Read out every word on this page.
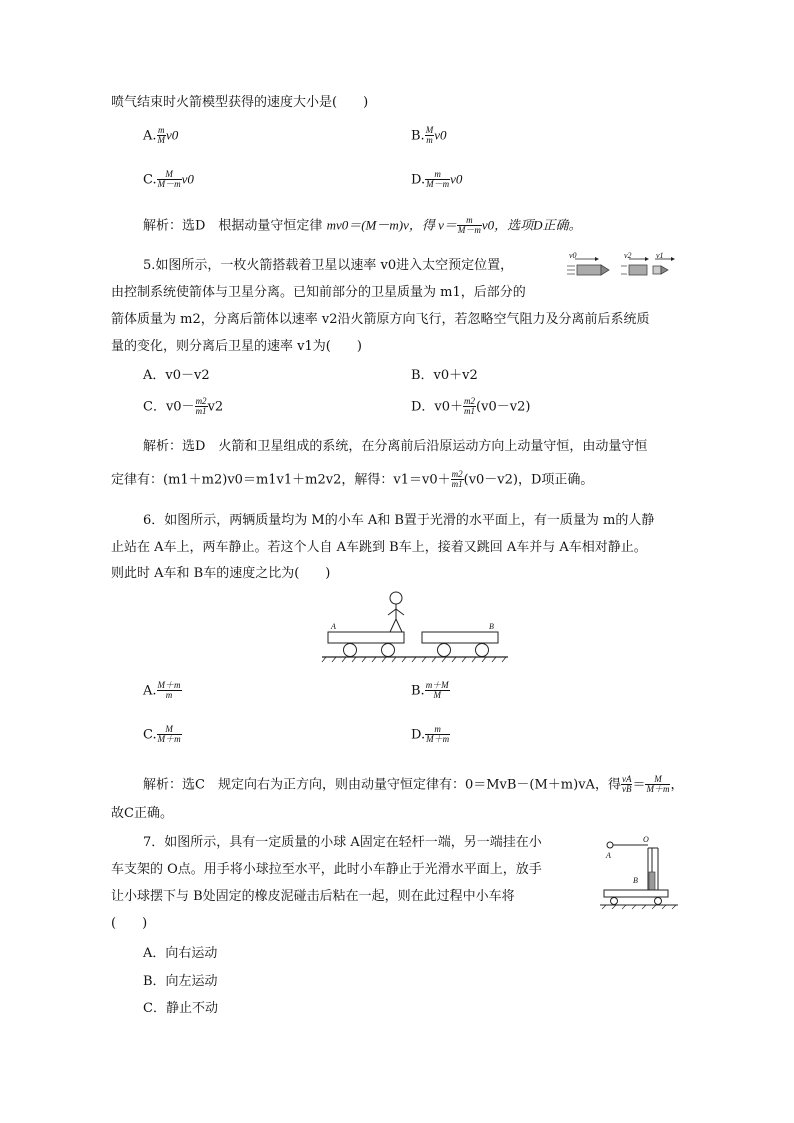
喷气结束时火箭模型获得的速度大小是(　　)
A. $\frac{m}{M} v0$	B. $\frac{M}{m} v0$
C. $\frac{M}{M-m} v0$	D. $\frac{m}{M-m} v0$
解析：选D　根据动量守恒定律 mv0＝(M－m)v，得 $v= \frac{m}{M-m} v0$，选项D正确。
5.如图所示，一枚火箭搭载着卫星以速率 v0进入太空预定位置，
v0	v2	v1
由控制系统使箭体与卫星分离。已知前部分的卫星质量为 m1，后部分的
箭体质量为 m2，分离后箭体以速率 v2沿火箭原方向飞行，若忽略空气阻力及分离前后系统质
量的变化，则分离后卫星的速率 v1为(　　)
A．v0－v2	B．v0＋v2
C．$v0- \frac{m2}{m1} v2$	D．$v0+ \frac{m2}{m1} (v0-v2)$
解析：选D　火箭和卫星组成的系统，在分离前后沿原运动方向上动量守恒，由动量守恒
定律有：(m1＋m2)v0＝m1v1＋m2v2，解得：$v1=v0+ \frac{m2}{m1} (v0-v2)$，D项正确。
6．如图所示，两辆质量均为 M的小车 A和 B置于光滑的水平面上，有一质量为 m的人静
止站在 A车上，两车静止。若这个人自 A车跳到 B车上，接着又跳回 A车并与 A车相对静止。
则此时 A车和 B车的速度之比为(　　)
A	B
A. $\frac{M+m}{m}$	B. $\frac{m+M}{M}$
C. $\frac{M}{M+m}$	D. $\frac{m}{M+m}$
解析：选C　规定向右为正方向，则由动量守恒定律有：0＝MvB－(M＋m)vA，得 $\frac{vA}{vB} = \frac{M}{M+m}$ ，
故C正确。
7．如图所示，具有一定质量的小球 A固定在轻杆一端，另一端挂在小
车支架的 O点。用手将小球拉至水平，此时小车静止于光滑水平面上，放手
让小球摆下与 B处固定的橡皮泥碰击后粘在一起，则在此过程中小车将
(　　)
O
A
B
A．向右运动
B．向左运动
C．静止不动
